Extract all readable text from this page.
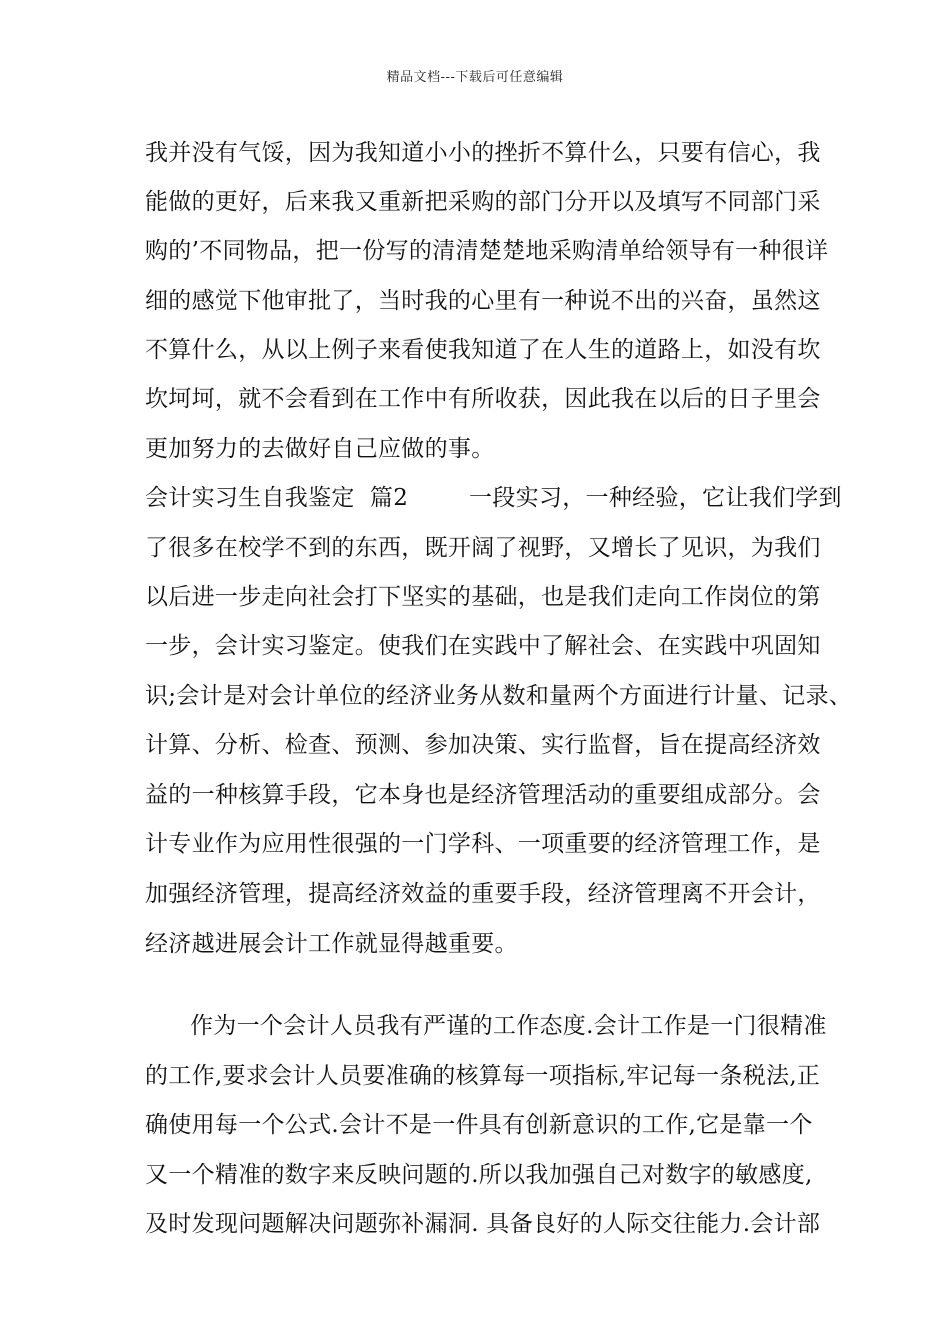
精品文档---下载后可任意编辑
我并没有气馁，因为我知道小小的挫折不算什么，只要有信心，我
能做的更好，后来我又重新把采购的部门分开以及填写不同部门采
购的’不同物品，把一份写的清清楚楚地采购清单给领导有一种很详
细的感觉下他审批了，当时我的心里有一种说不出的兴奋，虽然这
不算什么，从以上例子来看使我知道了在人生的道路上，如没有坎
坎坷坷，就不会看到在工作中有所收获，因此我在以后的日子里会
更加努力的去做好自己应做的事。
会计实习生自我鉴定  篇2        一段实习，一种经验，它让我们学到
了很多在校学不到的东西，既开阔了视野，又增长了见识，为我们
以后进一步走向社会打下坚实的基础，也是我们走向工作岗位的第
一步，会计实习鉴定。使我们在实践中了解社会、在实践中巩固知
识;会计是对会计单位的经济业务从数和量两个方面进行计量、记录、
计算、分析、检查、预测、参加决策、实行监督，旨在提高经济效
益的一种核算手段，它本身也是经济管理活动的重要组成部分。会
计专业作为应用性很强的一门学科、一项重要的经济管理工作，是
加强经济管理，提高经济效益的重要手段，经济管理离不开会计，
经济越进展会计工作就显得越重要。
作为一个会计人员我有严谨的工作态度.会计工作是一门很精准
的工作,要求会计人员要准确的核算每一项指标,牢记每一条税法,正
确使用每一个公式.会计不是一件具有创新意识的工作,它是靠一个
又一个精准的数字来反映问题的.所以我加强自己对数字的敏感度,
及时发现问题解决问题弥补漏洞. 具备良好的人际交往能力.会计部
